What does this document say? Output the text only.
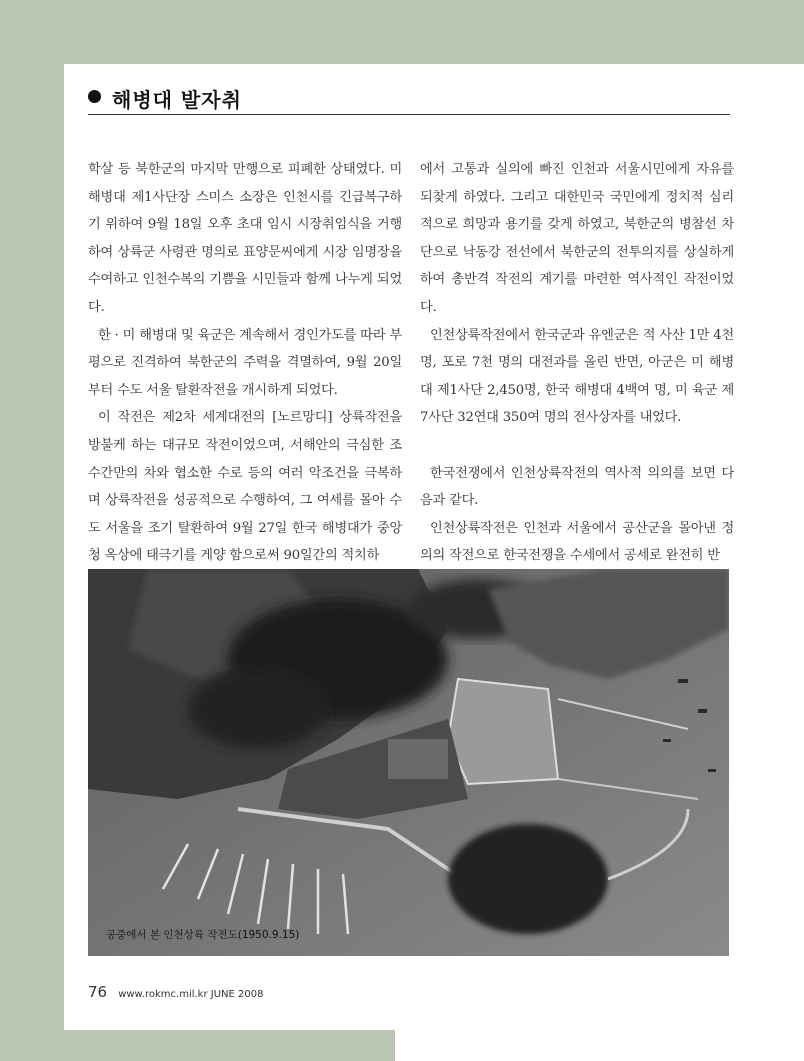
해병대 발자취

학살 등 북한군의 마지막 만행으로 피폐한 상태였다. 미 해병대 제1사단장 스미스 소장은 인천시를 긴급복구하기 위하여 9월 18일 오후 초대 임시 시장취임식을 거행하여 상륙군 사령관 명의로 표양문씨에게 시장 임명장을 수여하고 인천수복의 기쁨을 시민들과 함께 나누게 되었다.

한 · 미 해병대 및 육군은 계속해서 경인가도를 따라 부평으로 진격하여 북한군의 주력을 격멸하여, 9월 20일부터 수도 서울 탈환작전을 개시하게 되었다.

이 작전은 제2차 세계대전의 [노르망디] 상륙작전을 방불케 하는 대규모 작전이었으며, 서해안의 극심한 조수간만의 차와 협소한 수로 등의 여러 악조건을 극복하며 상륙작전을 성공적으로 수행하여, 그 여세를 몰아 수도 서울을 조기 탈환하여 9월 27일 한국 해병대가 중앙청 옥상에 태극기를 게양 함으로써 90일간의 적치하

에서 고통과 실의에 빠진 인천과 서울시민에게 자유를 되찾게 하였다. 그리고 대한민국 국민에게 정치적 심리적으로 희망과 용기를 갖게 하였고, 북한군의 병참선 차단으로 낙동강 전선에서 북한군의 전투의지를 상실하게 하여 총반격 작전의 계기를 마련한 역사적인 작전이었다.

인천상륙작전에서 한국군과 유엔군은 적 사산 1만 4천명, 포로 7천 명의 대전과를 올린 반면, 아군은 미 해병대 제1사단 2,450명, 한국 해병대 4백여 명, 미 육군 제7사단 32연대 350여 명의 전사상자를 내었다.

한국전쟁에서 인천상륙작전의 역사적 의의를 보면 다음과 같다.

인천상륙작전은 인천과 서울에서 공산군을 몰아낸 정의의 작전으로 한국전쟁을 수세에서 공세로 완전히 반

공중에서 본 인천상륙 작전도(1950.9.15)
76 www.rokmc.mil.kr JUNE 2008
